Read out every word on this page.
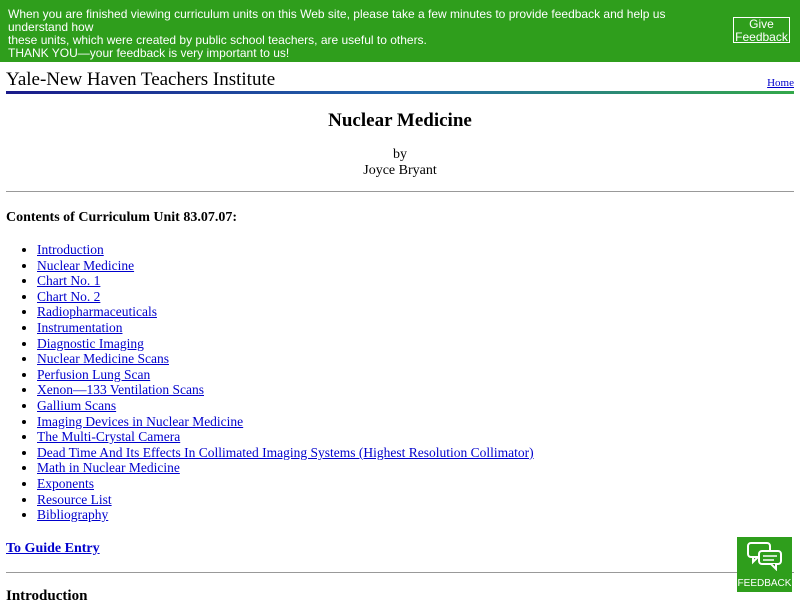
When you are finished viewing curriculum units on this Web site, please take a few minutes to provide feedback and help us understand how
these units, which were created by public school teachers, are useful to others.
THANK YOU—your feedback is very important to us!
Give
Feedback
Yale-New Haven Teachers Institute	Home
Nuclear Medicine
by
Joyce Bryant
Contents of Curriculum Unit 83.07.07:
• Introduction
• Nuclear Medicine
• Chart No. 1
• Chart No. 2
• Radiopharmaceuticals
• Instrumentation
• Diagnostic Imaging
• Nuclear Medicine Scans
• Perfusion Lung Scan
• Xenon—133 Ventilation Scans
• Gallium Scans
• Imaging Devices in Nuclear Medicine
• The Multi-Crystal Camera
• Dead Time And Its Effects In Collimated Imaging Systems (Highest Resolution Collimator)
• Math in Nuclear Medicine
• Exponents
• Resource List
• Bibliography
To Guide Entry
Introduction
FEEDBACK
